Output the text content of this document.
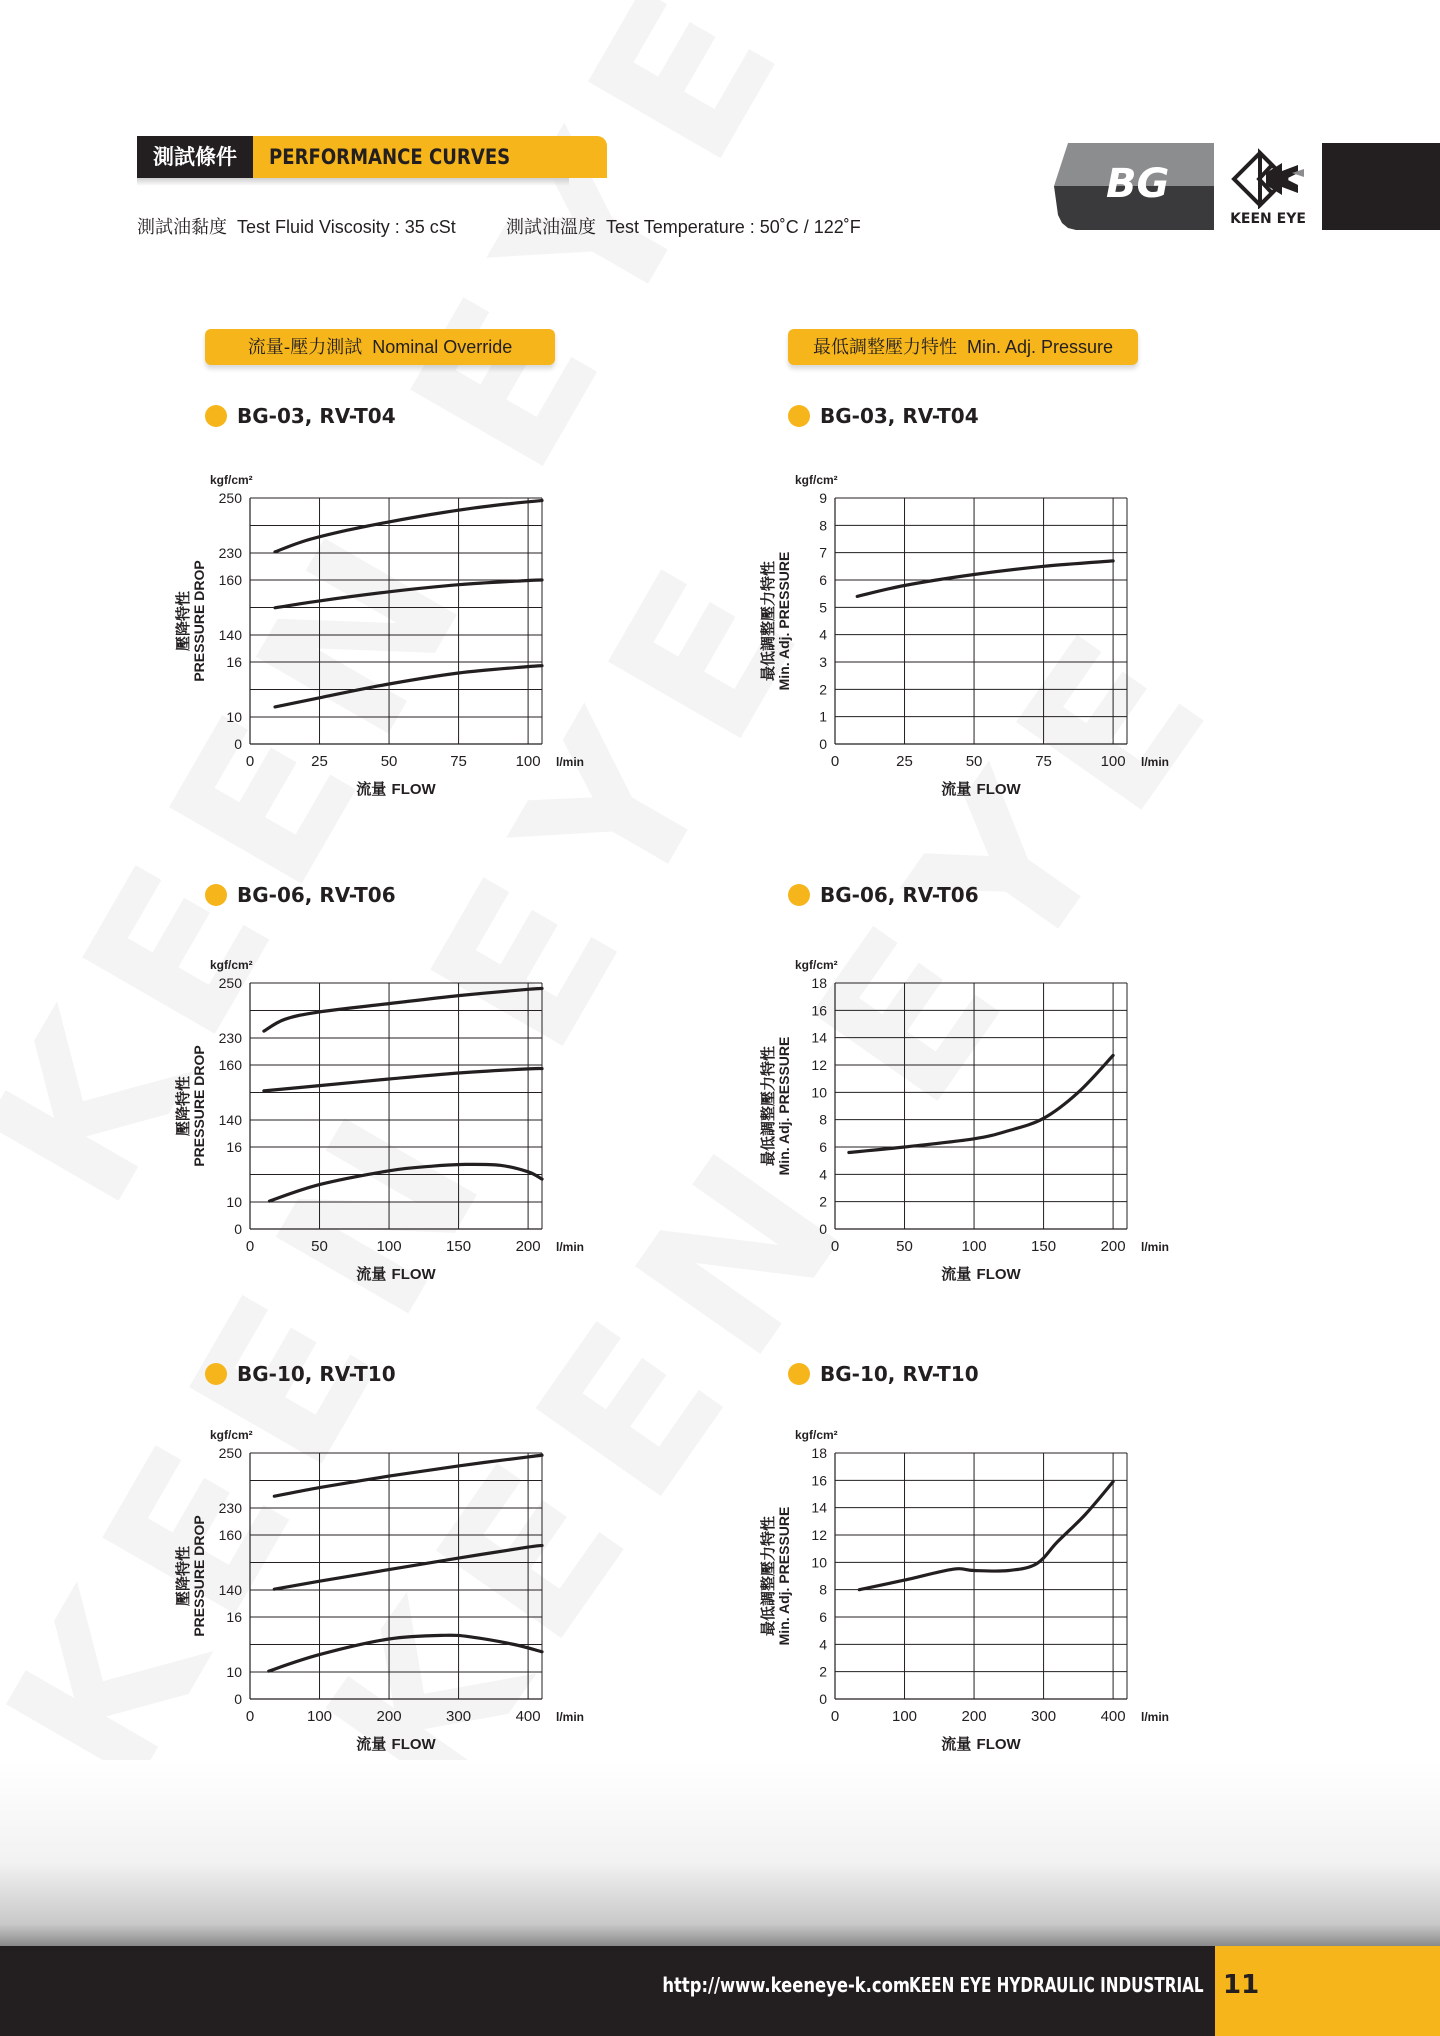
測試條件	PERFORMANCE CURVES
測試油黏度 Test Fluid Viscosity : 35 cSt	測試油溫度 Test Temperature : 50˚C / 122˚F
BG
KEEN EYE
流量-壓力測試 Nominal Override	最低調整壓力特性 Min. Adj. Pressure
BG-03, RV-T04	BG-03, RV-T04
BG-06, RV-T06	BG-06, RV-T06
BG-10, RV-T10	BG-10, RV-T10
kgf/cm²
0	25	50	75	100 l/min
流量 FLOW
壓降特性 PRESSURE DROP
250
230
160
140
16
10
0
kgf/cm²
0	25	50	75	100 l/min
流量 FLOW
最低調整壓力特性 Min. Adj. PRESSURE
0
1
2
3
4
5
6
7
8
9
kgf/cm²
0	50	100	150	200 l/min
流量 FLOW
壓降特性 PRESSURE DROP
250
230
160
140
16
10
0
kgf/cm²
0	50	100	150	200 l/min
流量 FLOW
最低調整壓力特性 Min. Adj. PRESSURE
0
2
4
6
8
10
12
14
16
18
kgf/cm²
0	100	200	300	400 l/min
流量 FLOW
壓降特性 PRESSURE DROP
250
230
160
140
16
10
0
kgf/cm²
0	100	200	300	400 l/min
流量 FLOW
最低調整壓力特性 Min. Adj. PRESSURE
0
2
4
6
8
10
12
14
16
18
http://www.keeneye-k.com KEEN EYE HYDRAULIC INDUSTRIAL 11
